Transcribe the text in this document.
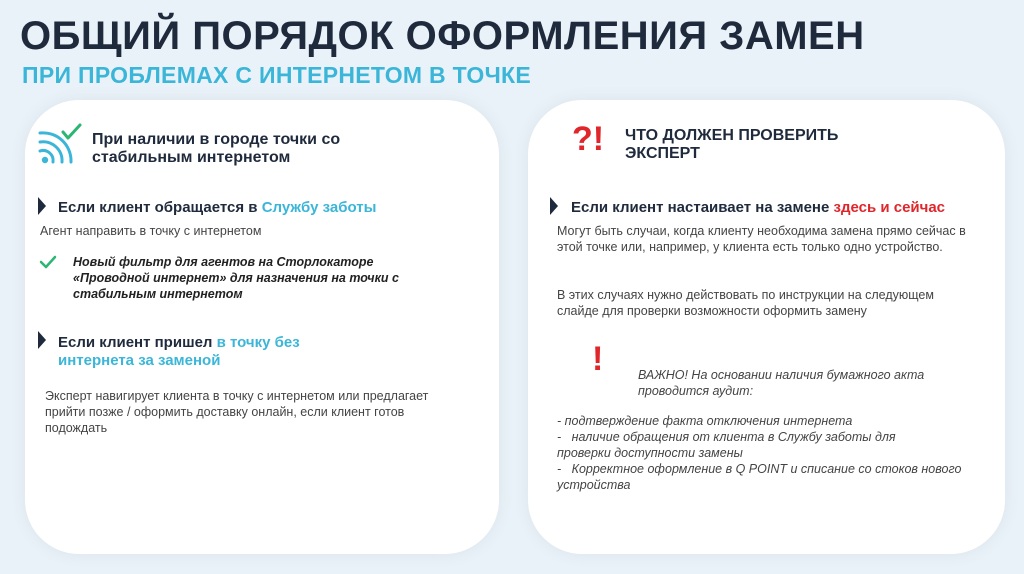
ОБЩИЙ ПОРЯДОК ОФОРМЛЕНИЯ ЗАМЕН
ПРИ ПРОБЛЕМАХ С ИНТЕРНЕТОМ В ТОЧКЕ
При наличии в городе точки со стабильным интернетом
Если клиент обращается в Службу заботы
Агент направить в точку с интернетом
Новый фильтр для агентов на Сторлокаторе «Проводной интернет» для назначения на точки с стабильным интернетом
Если клиент пришел в точку без интернета за заменой
Эксперт навигирует клиента в точку с интернетом или предлагает прийти позже / оформить доставку онлайн, если клиент готов подождать
?! ЧТО ДОЛЖЕН ПРОВЕРИТЬ ЭКСПЕРТ
Если клиент настаивает на замене здесь и сейчас
Могут быть случаи, когда клиенту необходима замена прямо сейчас в этой точке или, например, у клиента есть только одно устройство.
В этих случаях нужно действовать по инструкции на следующем слайде для проверки возможности оформить замену
!	ВАЖНО! На основании наличия бумажного акта проводится аудит:
- подтверждение факта отключения интернета
-   наличие обращения от клиента в Службу заботы для проверки доступности замены
-   Корректное оформление в Q POINT и списание со стоков нового устройства
